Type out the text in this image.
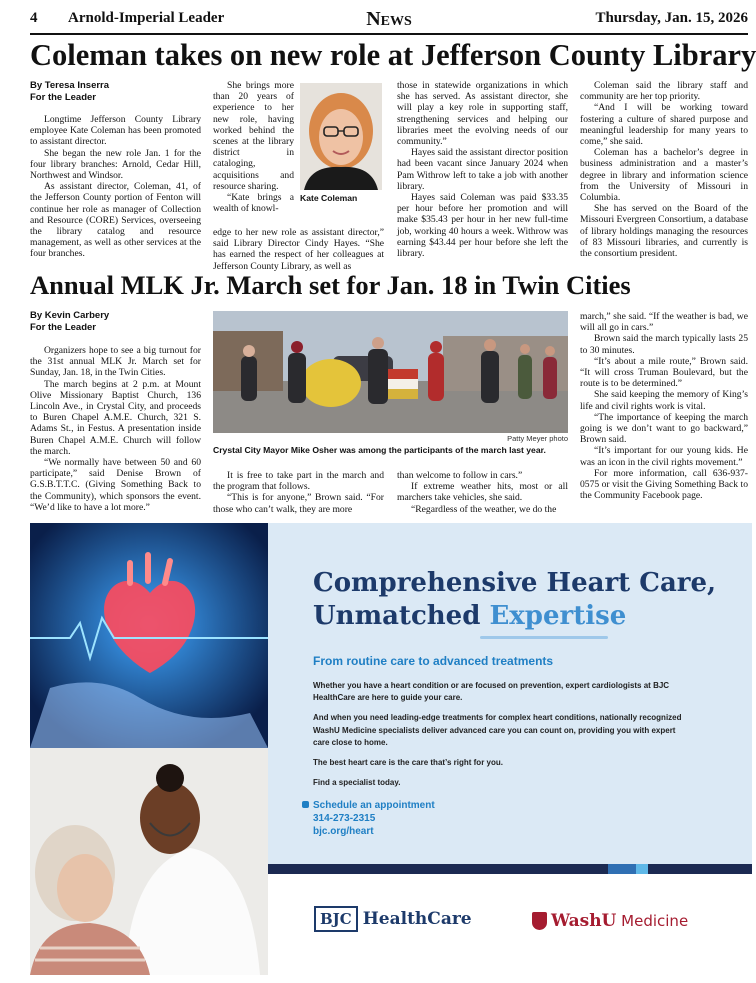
4 Arnold-Imperial Leader	News	Thursday, Jan. 15, 2026
Coleman takes on new role at Jefferson County Library
By Teresa Inserra
For the Leader

Longtime Jefferson County Library employee Kate Coleman has been promoted to assistant director.

She began the new role Jan. 1 for the four library branches: Arnold, Cedar Hill, Northwest and Windsor.

As assistant director, Coleman, 41, of the Jefferson County portion of Fenton will continue her role as manager of Collection and Resource (CORE) Services, overseeing the library catalog and resource management, as well as other services at the four branches.

She brings more than 20 years of experience to her new role, having worked behind the scenes at the library district in cataloging, acquisitions and resource sharing.

“Kate brings a wealth of knowl-

edge to her new role as assistant director,” said Library Director Cindy Hayes. “She has earned the respect of her colleagues at Jefferson County Library, as well as

Kate Coleman

those in statewide organizations in which she has served. As assistant director, she will play a key role in supporting staff, strengthening services and helping our libraries meet the evolving needs of our community.”

Hayes said the assistant director position had been vacant since January 2024 when Pam Withrow left to take a job with another library.

Hayes said Coleman was paid $33.35 per hour before her promotion and will make $35.43 per hour in her new full-time job, working 40 hours a week. Withrow was earning $43.44 per hour before she left the library.

Coleman said the library staff and community are her top priority.

“And I will be working toward fostering a culture of shared purpose and meaningful leadership for many years to come,” she said.

Coleman has a bachelor’s degree in business administration and a master’s degree in library and information science from the University of Missouri in Columbia.

She has served on the Board of the Missouri Evergreen Consortium, a database of library holdings managing the resources of 83 Missouri libraries, and currently is the consortium president.

Annual MLK Jr. March set for Jan. 18 in Twin Cities
By Kevin Carbery
For the Leader

Organizers hope to see a big turnout for the 31st annual MLK Jr. March set for Sunday, Jan. 18, in the Twin Cities.

The march begins at 2 p.m. at Mount Olive Missionary Baptist Church, 136 Lincoln Ave., in Crystal City, and proceeds to Buren Chapel A.M.E. Church, 321 S. Adams St., in Festus. A presentation inside Buren Chapel A.M.E. Church will follow the march.

“We normally have between 50 and 60 participate,” said Denise Brown of G.S.B.T.T.C. (Giving Something Back to the Community), which sponsors the event. “We’d like to have a lot more.”

Patty Meyer photo
Crystal City Mayor Mike Osher was among the participants of the march last year.

It is free to take part in the march and the program that follows.

“This is for anyone,” Brown said. “For those who can’t walk, they are more

than welcome to follow in cars.”

If extreme weather hits, most or all marchers take vehicles, she said.

“Regardless of the weather, we do the

march,” she said. “If the weather is bad, we will all go in cars.”

Brown said the march typically lasts 25 to 30 minutes.

“It’s about a mile route,” Brown said. “It will cross Truman Boulevard, but the route is to be determined.”

She said keeping the memory of King’s life and civil rights work is vital.

“The importance of keeping the march going is we don’t want to go backward,” Brown said.

“It’s important for our young kids. He was an icon in the civil rights movement.”

For more information, call 636-937-0575 or visit the Giving Something Back to the Community Facebook page.

Comprehensive Heart Care,
Unmatched Expertise
From routine care to advanced treatments
Whether you have a heart condition or are focused on prevention, expert cardiologists at BJC HealthCare are here to guide your care.
And when you need leading-edge treatments for complex heart conditions, nationally recognized WashU Medicine specialists deliver advanced care you can count on, providing you with expert care close to home.
The best heart care is the care that’s right for you.
Find a specialist today.
Schedule an appointment
314-273-2315
bjc.org/heart
BJC HealthCare	WashU Medicine
